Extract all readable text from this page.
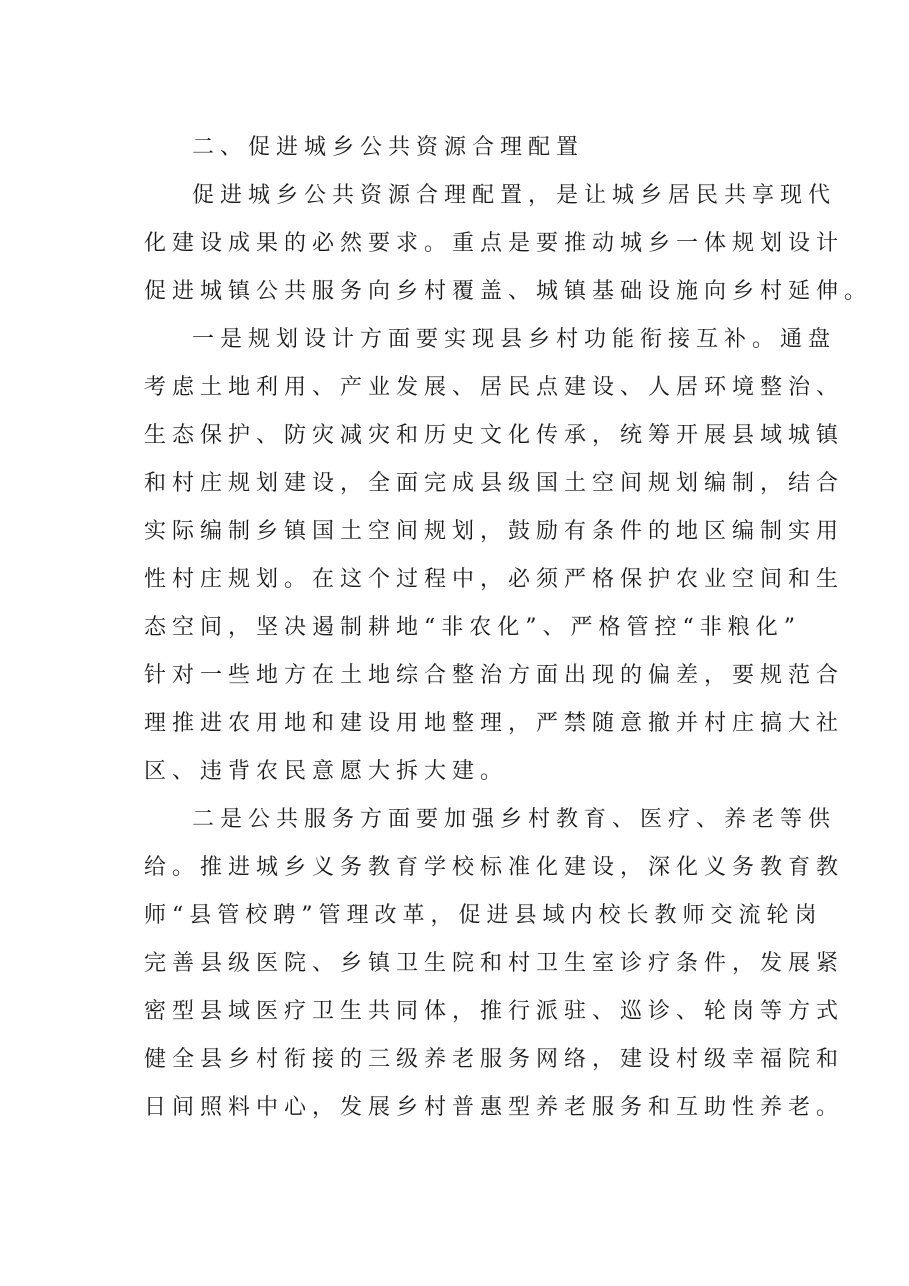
二、促进城乡公共资源合理配置
促进城乡公共资源合理配置，是让城乡居民共享现代
化建设成果的必然要求。重点是要推动城乡一体规划设计
促进城镇公共服务向乡村覆盖、城镇基础设施向乡村延伸。
一是规划设计方面要实现县乡村功能衔接互补。通盘
考虑土地利用、产业发展、居民点建设、人居环境整治、
生态保护、防灾减灾和历史文化传承，统筹开展县域城镇
和村庄规划建设，全面完成县级国土空间规划编制，结合
实际编制乡镇国土空间规划，鼓励有条件的地区编制实用
性村庄规划。在这个过程中，必须严格保护农业空间和生
态空间，坚决遏制耕地“非农化”、严格管控“非粮化”
针对一些地方在土地综合整治方面出现的偏差，要规范合
理推进农用地和建设用地整理，严禁随意撤并村庄搞大社
区、违背农民意愿大拆大建。
二是公共服务方面要加强乡村教育、医疗、养老等供
给。推进城乡义务教育学校标准化建设，深化义务教育教
师“县管校聘”管理改革，促进县域内校长教师交流轮岗
完善县级医院、乡镇卫生院和村卫生室诊疗条件，发展紧
密型县域医疗卫生共同体，推行派驻、巡诊、轮岗等方式
健全县乡村衔接的三级养老服务网络，建设村级幸福院和
日间照料中心，发展乡村普惠型养老服务和互助性养老。
